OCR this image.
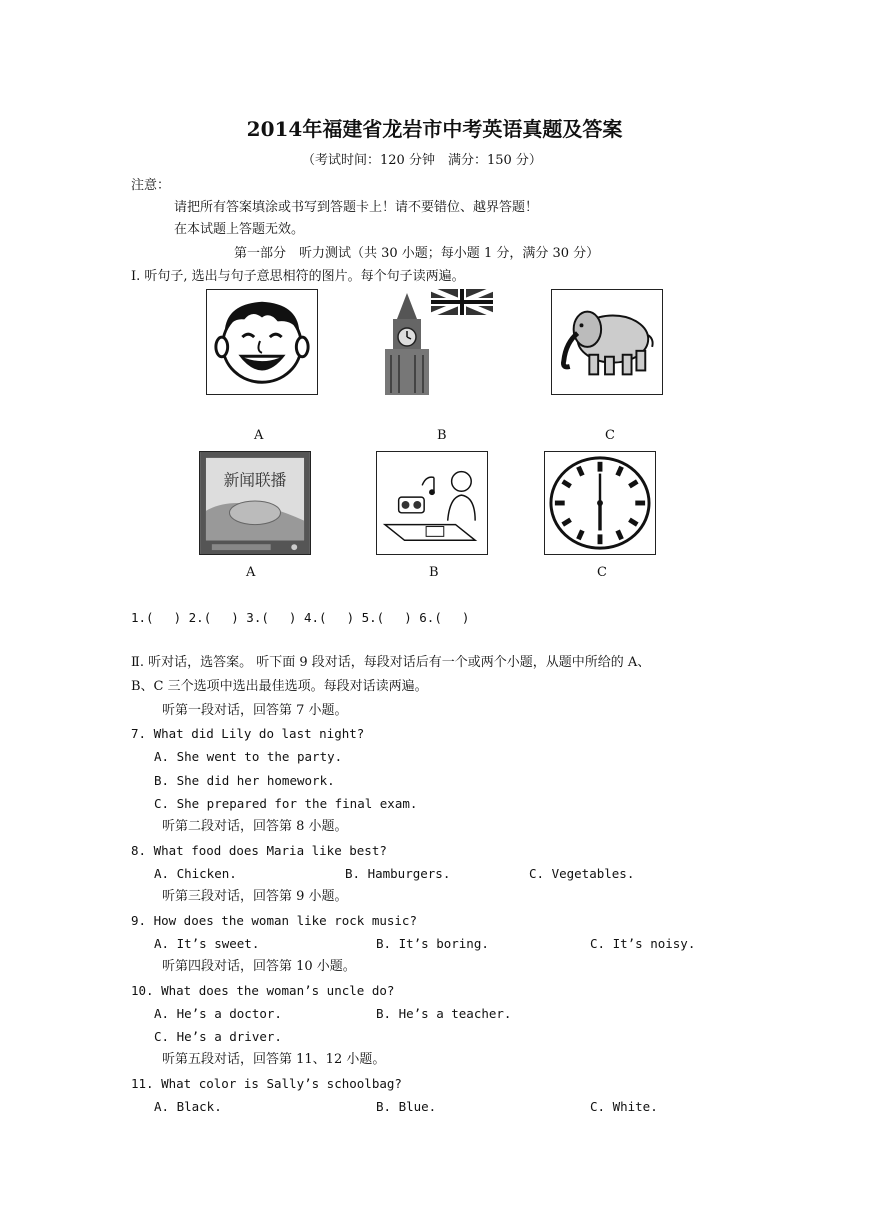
2014年福建省龙岩市中考英语真题及答案
（考试时间：120 分钟　满分：150 分）
注意：
请把所有答案填涂或书写到答题卡上！请不要错位、越界答题！
在本试题上答题无效。
第一部分　听力测试（共 30 小题；每小题 1 分，满分 30 分）
Ⅰ. 听句子, 选出与句子意思相符的图片。每个句子读两遍。
A	B	C
新闻联播
A	B	C
1.(　 ) 2.(　 ) 3.(　 ) 4.(　 ) 5.(　 ) 6.(　 )
Ⅱ. 听对话，选答案。 听下面 9 段对话，每段对话后有一个或两个小题，从题中所给的 A、
B、C 三个选项中选出最佳选项。每段对话读两遍。
听第一段对话，回答第 7 小题。
7. What did Lily do last night?
A. She went to the party.
B. She did her homework.
C. She prepared for the final exam.
听第二段对话，回答第 8 小题。
8. What food does Maria like best?
A. Chicken.	B. Hamburgers.	C. Vegetables.
听第三段对话，回答第 9 小题。
9. How does the woman like rock music?
A. It’s sweet.	B. It’s boring.	C. It’s noisy.
听第四段对话，回答第 10 小题。
10. What does the woman’s uncle do?
A. He’s a doctor.	B. He’s a teacher.
C. He’s a driver.
听第五段对话，回答第 11、12 小题。
11. What color is Sally’s schoolbag?
A. Black.	B. Blue.	C. White.
